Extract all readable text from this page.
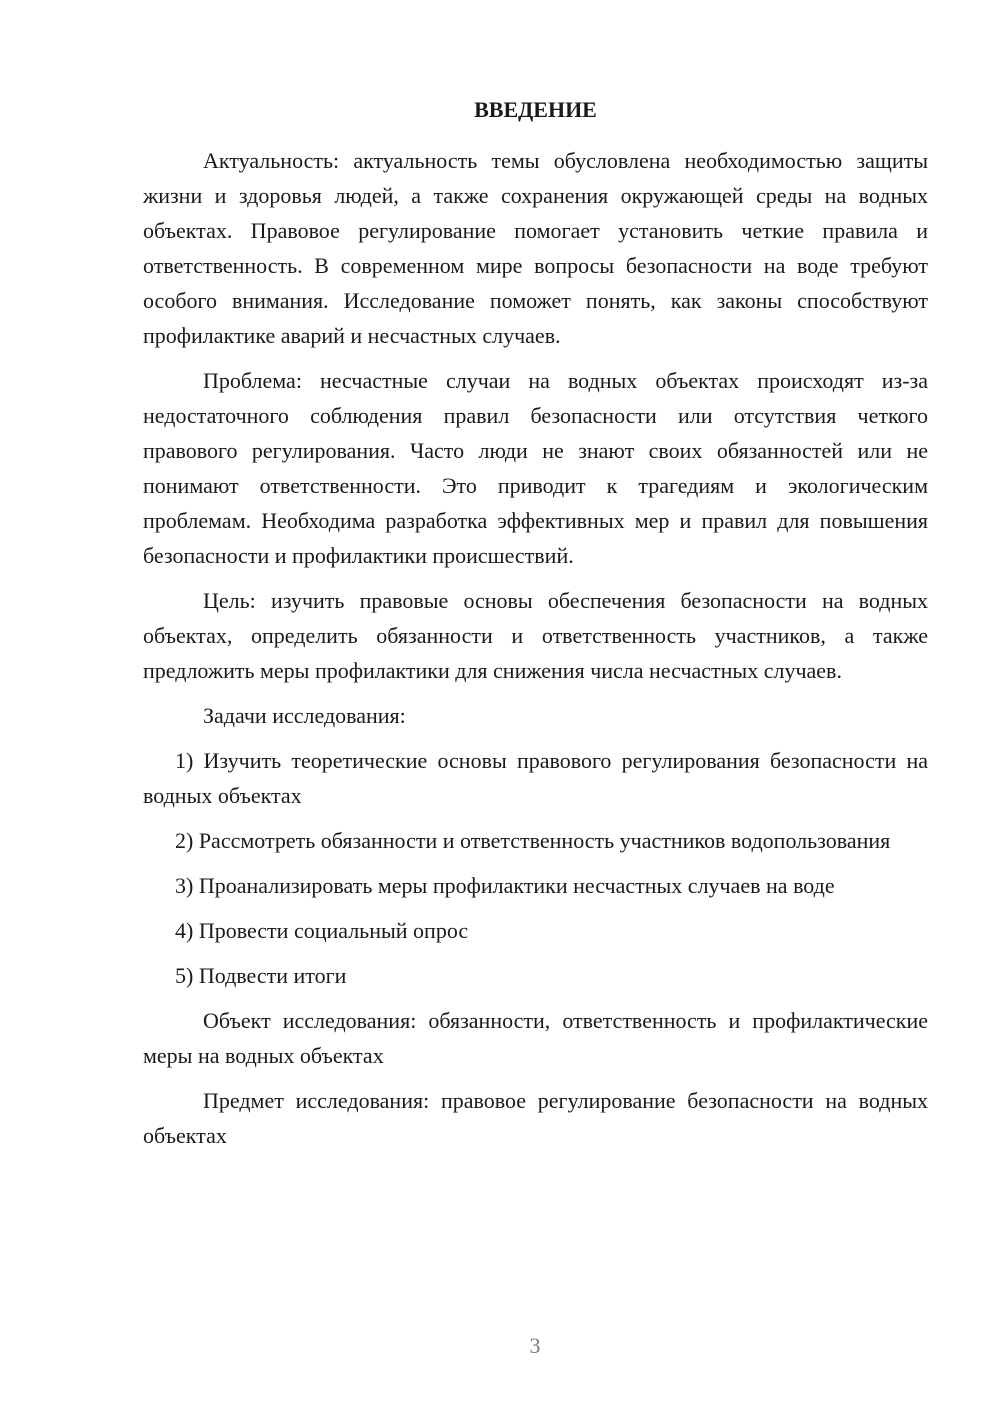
ВВЕДЕНИЕ

Актуальность: актуальность темы обусловлена необходимостью защиты жизни и здоровья людей, а также сохранения окружающей среды на водных объектах. Правовое регулирование помогает установить четкие правила и ответственность. В современном мире вопросы безопасности на воде требуют особого внимания. Исследование поможет понять, как законы способствуют профилактике аварий и несчастных случаев.

Проблема: несчастные случаи на водных объектах происходят из-за недостаточного соблюдения правил безопасности или отсутствия четкого правового регулирования. Часто люди не знают своих обязанностей или не понимают ответственности. Это приводит к трагедиям и экологическим проблемам. Необходима разработка эффективных мер и правил для повышения безопасности и профилактики происшествий.

Цель: изучить правовые основы обеспечения безопасности на водных объектах, определить обязанности и ответственность участников, а также предложить меры профилактики для снижения числа несчастных случаев.

Задачи исследования:

1) Изучить теоретические основы правового регулирования безопасности на водных объектах

2) Рассмотреть обязанности и ответственность участников водопользования

3) Проанализировать меры профилактики несчастных случаев на воде

4) Провести социальный опрос

5) Подвести итоги

Объект исследования: обязанности, ответственность и профилактические меры на водных объектах

Предмет исследования: правовое регулирование безопасности на водных объектах

3
